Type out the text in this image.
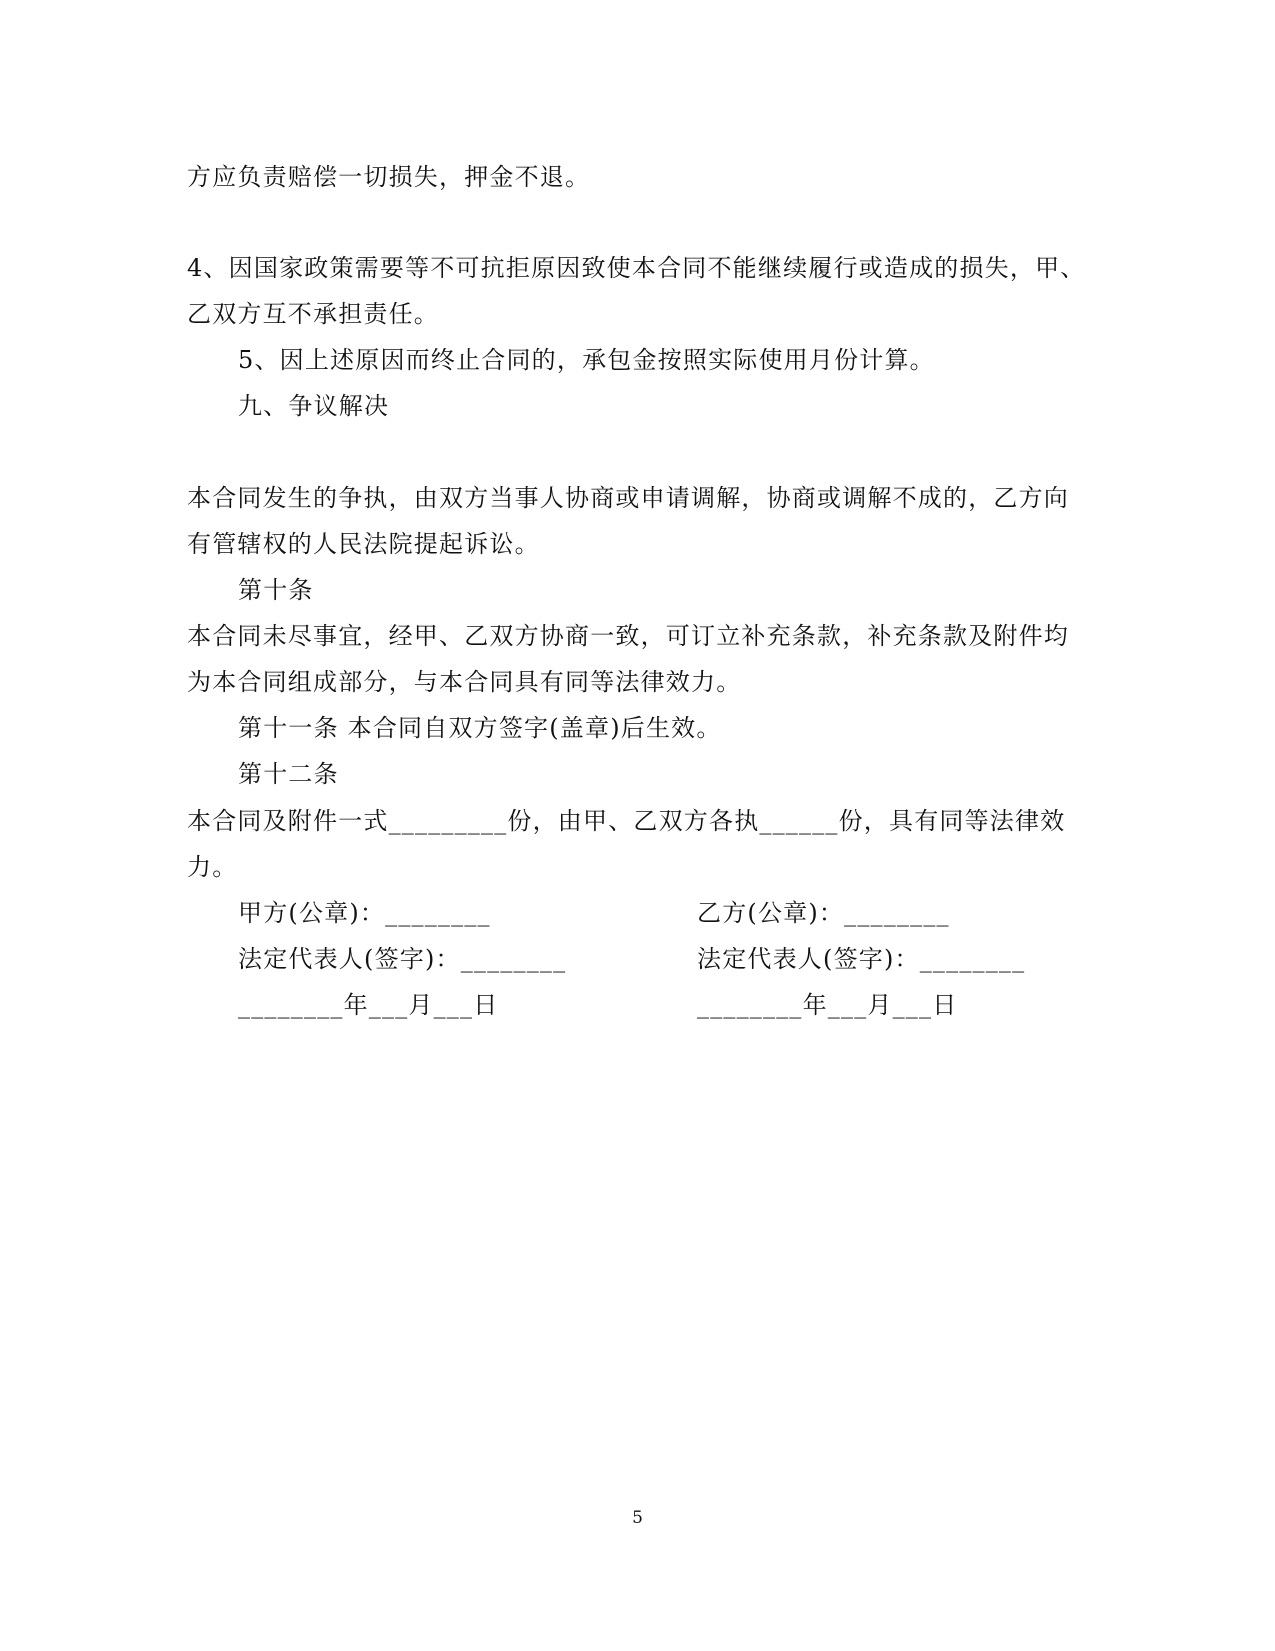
方应负责赔偿一切损失，押金不退。
4、因国家政策需要等不可抗拒原因致使本合同不能继续履行或造成的损失，甲、
乙双方互不承担责任。
5、因上述原因而终止合同的，承包金按照实际使用月份计算。
九、争议解决
本合同发生的争执，由双方当事人协商或申请调解，协商或调解不成的，乙方向
有管辖权的人民法院提起诉讼。
第十条
本合同未尽事宜，经甲、乙双方协商一致，可订立补充条款，补充条款及附件均
为本合同组成部分，与本合同具有同等法律效力。
第十一条 本合同自双方签字(盖章)后生效。
第十二条
本合同及附件一式_________份，由甲、乙双方各执______份，具有同等法律效
力。
甲方(公章)：________	乙方(公章)：________
法定代表人(签字)：________	法定代表人(签字)：________
________年___月___日	________年___月___日
5
